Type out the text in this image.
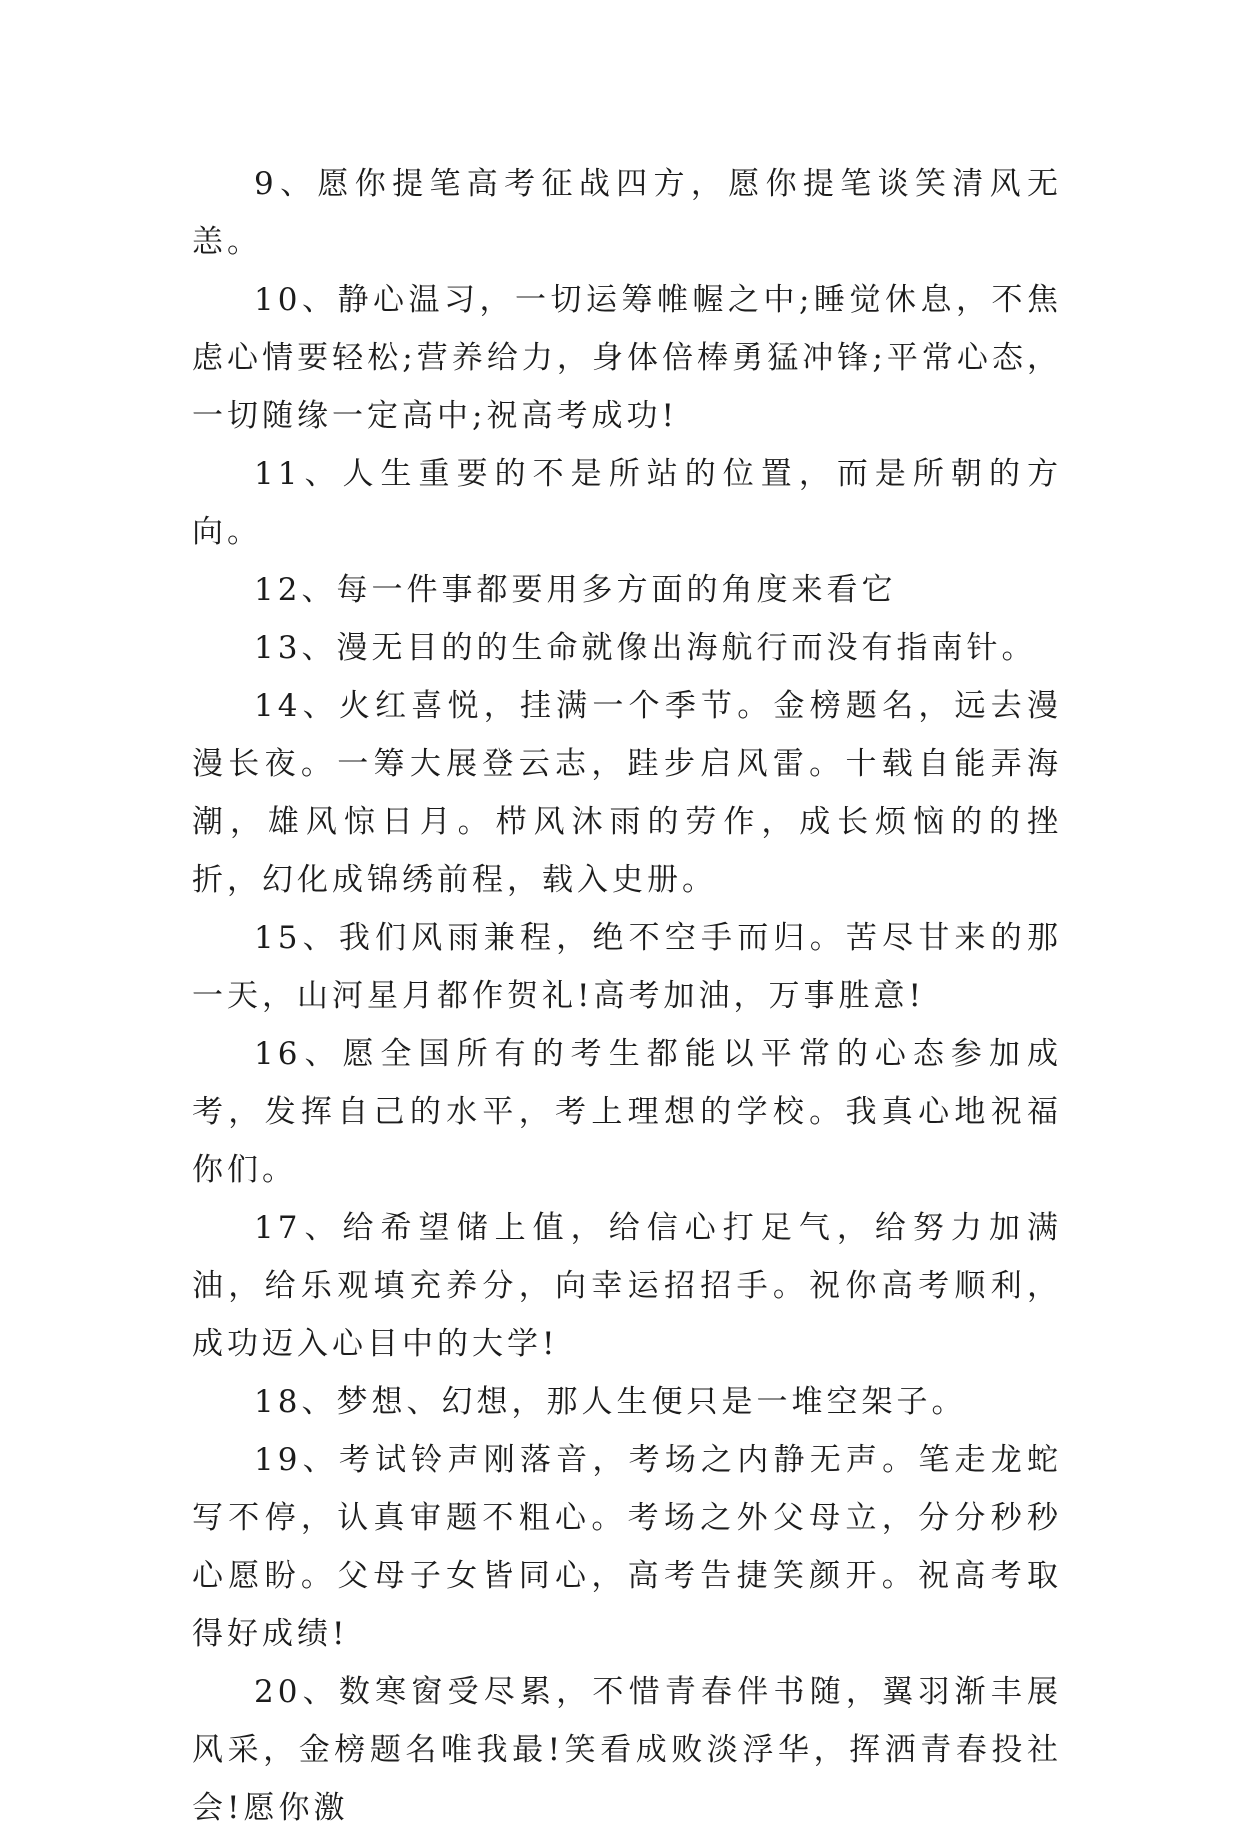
9、愿你提笔高考征战四方，愿你提笔谈笑清风无恙。

10、静心温习，一切运筹帷幄之中;睡觉休息，不焦虑心情要轻松;营养给力，身体倍棒勇猛冲锋;平常心态，一切随缘一定高中;祝高考成功!

11、人生重要的不是所站的位置，而是所朝的方向。

12、每一件事都要用多方面的角度来看它

13、漫无目的的生命就像出海航行而没有指南针。

14、火红喜悦，挂满一个季节。金榜题名，远去漫漫长夜。一筹大展登云志，跬步启风雷。十载自能弄海潮，雄风惊日月。栉风沐雨的劳作，成长烦恼的的挫折，幻化成锦绣前程，载入史册。

15、我们风雨兼程，绝不空手而归。苦尽甘来的那一天，山河星月都作贺礼!高考加油，万事胜意!

16、愿全国所有的考生都能以平常的心态参加成考，发挥自己的水平，考上理想的学校。我真心地祝福你们。

17、给希望储上值，给信心打足气，给努力加满油，给乐观填充养分，向幸运招招手。祝你高考顺利，成功迈入心目中的大学!

18、梦想、幻想，那人生便只是一堆空架子。

19、考试铃声刚落音，考场之内静无声。笔走龙蛇写不停，认真审题不粗心。考场之外父母立，分分秒秒心愿盼。父母子女皆同心，高考告捷笑颜开。祝高考取得好成绩!

20、数寒窗受尽累，不惜青春伴书随，翼羽渐丰展风采，金榜题名唯我最!笑看成败淡浮华，挥洒青春投社会!愿你激
